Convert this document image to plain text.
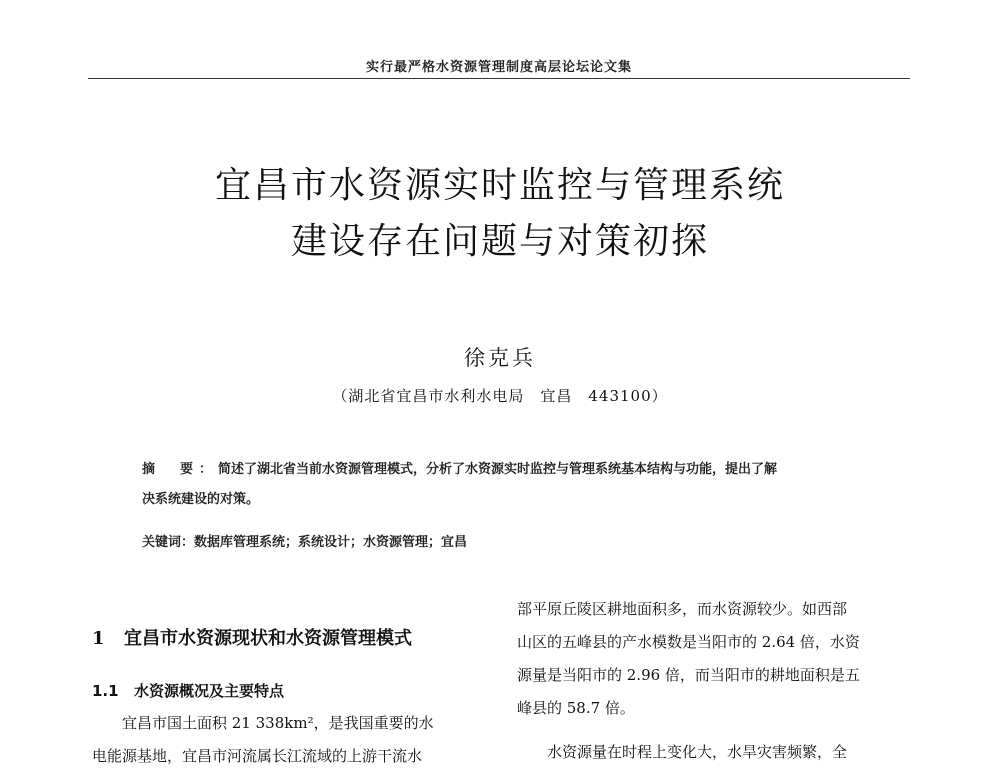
实行最严格水资源管理制度高层论坛论文集
宜昌市水资源实时监控与管理系统
建设存在问题与对策初探
徐克兵
（湖北省宜昌市水利水电局　宜昌　443100）
摘　要：简述了湖北省当前水资源管理模式，分析了水资源实时监控与管理系统基本结构与功能，提出了解
决系统建设的对策。
关键词：数据库管理系统；系统设计；水资源管理；宜昌
1 宜昌市水资源现状和水资源管理模式
1.1 水资源概况及主要特点
宜昌市国土面积 21 338km²，是我国重要的水
电能源基地，宜昌市河流属长江流域的上游干流水
部平原丘陵区耕地面积多，而水资源较少。如西部
山区的五峰县的产水模数是当阳市的 2.64 倍，水资
源量是当阳市的 2.96 倍，而当阳市的耕地面积是五
峰县的 58.7 倍。
水资源量在时程上变化大，水旱灾害频繁，全
